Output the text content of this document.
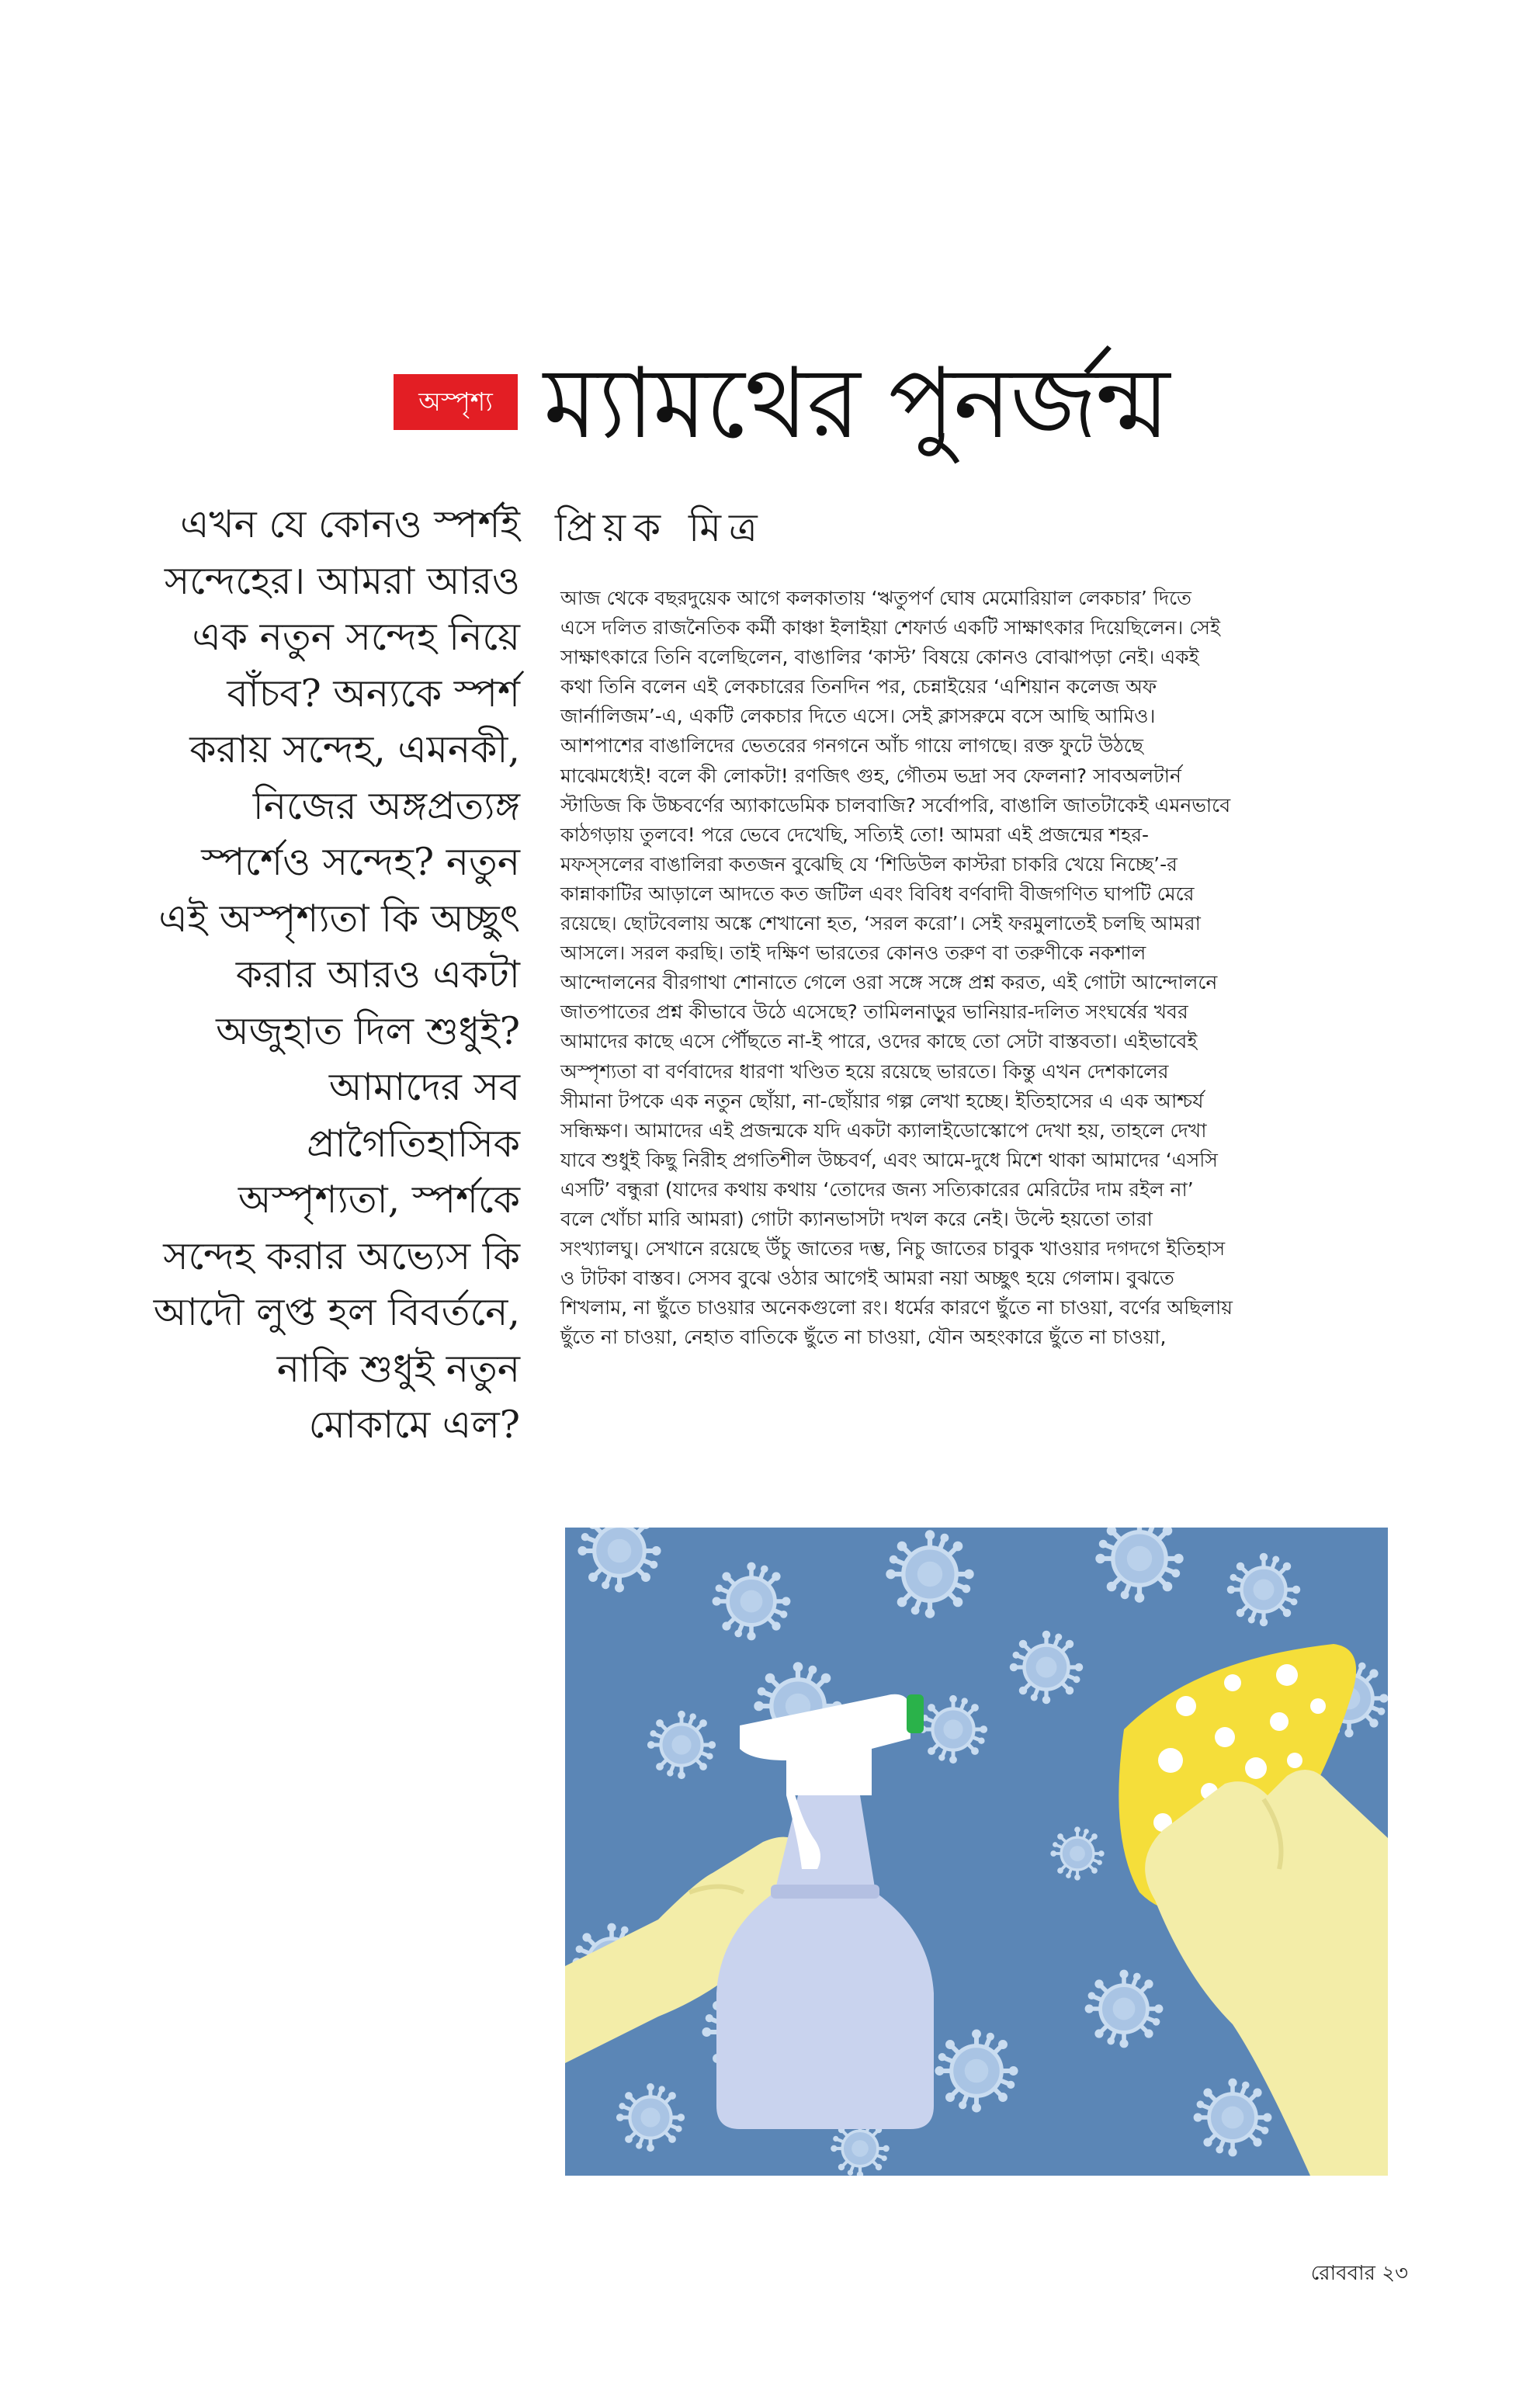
অস্পৃশ্য ম্যামথের পুনর্জন্ম
এখন যে কোনও স্পর্শই
সন্দেহের। আমরা আরও
এক নতুন সন্দেহ নিয়ে
বাঁচব? অন্যকে স্পর্শ
করায় সন্দেহ, এমনকী,
নিজের অঙ্গপ্রত্যঙ্গ
স্পর্শেও সন্দেহ? নতুন
এই অস্পৃশ্যতা কি অচ্ছুৎ
করার আরও একটা
অজুহাত দিল শুধুই?
আমাদের সব
প্রাগৈতিহাসিক
অস্পৃশ্যতা, স্পর্শকে
সন্দেহ করার অভ্যেস কি
আদৌ লুপ্ত হল বিবর্তনে,
নাকি শুধুই নতুন
মোকামে এল?
প্রিয়ক মিত্র
আজ থেকে বছরদুয়েক আগে কলকাতায় ‘ঋতুপর্ণ ঘোষ মেমোরিয়াল লেকচার’ দিতে
এসে দলিত রাজনৈতিক কর্মী কাঞ্চা ইলাইয়া শেফার্ড একটি সাক্ষাৎকার দিয়েছিলেন। সেই
সাক্ষাৎকারে তিনি বলেছিলেন, বাঙালির ‘কাস্ট’ বিষয়ে কোনও বোঝাপড়া নেই। একই
কথা তিনি বলেন এই লেকচারের তিনদিন পর, চেন্নাইয়ের ‘এশিয়ান কলেজ অফ
জার্নালিজম’-এ, একটি লেকচার দিতে এসে। সেই ক্লাসরুমে বসে আছি আমিও।
আশপাশের বাঙালিদের ভেতরের গনগনে আঁচ গায়ে লাগছে। রক্ত ফুটে উঠছে
মাঝেমধ্যেই! বলে কী লোকটা! রণজিৎ গুহ, গৌতম ভদ্রা সব ফেলনা? সাবঅলটার্ন
স্টাডিজ কি উচ্চবর্ণের অ্যাকাডেমিক চালবাজি? সর্বোপরি, বাঙালি জাতটাকেই এমনভাবে
কাঠগড়ায় তুলবে! পরে ভেবে দেখেছি, সত্যিই তো! আমরা এই প্রজন্মের শহর-
মফস্সলের বাঙালিরা কতজন বুঝেছি যে ‘শিডিউল কাস্টরা চাকরি খেয়ে নিচ্ছে’-র
কান্নাকাটির আড়ালে আদতে কত জটিল এবং বিবিধ বর্ণবাদী বীজগণিত ঘাপটি মেরে
রয়েছে। ছোটবেলায় অঙ্কে শেখানো হত, ‘সরল করো’। সেই ফরমুলাতেই চলছি আমরা
আসলে। সরল করছি। তাই দক্ষিণ ভারতের কোনও তরুণ বা তরুণীকে নকশাল
আন্দোলনের বীরগাথা শোনাতে গেলে ওরা সঙ্গে সঙ্গে প্রশ্ন করত, এই গোটা আন্দোলনে
জাতপাতের প্রশ্ন কীভাবে উঠে এসেছে? তামিলনাড়ুর ভানিয়ার-দলিত সংঘর্ষের খবর
আমাদের কাছে এসে পৌঁছতে না-ই পারে, ওদের কাছে তো সেটা বাস্তবতা। এইভাবেই
অস্পৃশ্যতা বা বর্ণবাদের ধারণা খণ্ডিত হয়ে রয়েছে ভারতে। কিন্তু এখন দেশকালের
সীমানা টপকে এক নতুন ছোঁয়া, না-ছোঁয়ার গল্প লেখা হচ্ছে। ইতিহাসের এ এক আশ্চর্য
সন্ধিক্ষণ। আমাদের এই প্রজন্মকে যদি একটা ক্যালাইডোস্কোপে দেখা হয়, তাহলে দেখা
যাবে শুধুই কিছু নিরীহ প্রগতিশীল উচ্চবর্ণ, এবং আমে-দুধে মিশে থাকা আমাদের ‘এসসি
এসটি’ বন্ধুরা (যাদের কথায় কথায় ‘তোদের জন্য সত্যিকারের মেরিটের দাম রইল না’
বলে খোঁচা মারি আমরা) গোটা ক্যানভাসটা দখল করে নেই। উল্টে হয়তো তারা
সংখ্যালঘু। সেখানে রয়েছে উঁচু জাতের দম্ভ, নিচু জাতের চাবুক খাওয়ার দগদগে ইতিহাস
ও টাটকা বাস্তব। সেসব বুঝে ওঠার আগেই আমরা নয়া অচ্ছুৎ হয়ে গেলাম। বুঝতে
শিখলাম, না ছুঁতে চাওয়ার অনেকগুলো রং। ধর্মের কারণে ছুঁতে না চাওয়া, বর্ণের অছিলায়
ছুঁতে না চাওয়া, নেহাত বাতিকে ছুঁতে না চাওয়া, যৌন অহংকারে ছুঁতে না চাওয়া,
রোববার ২৩
